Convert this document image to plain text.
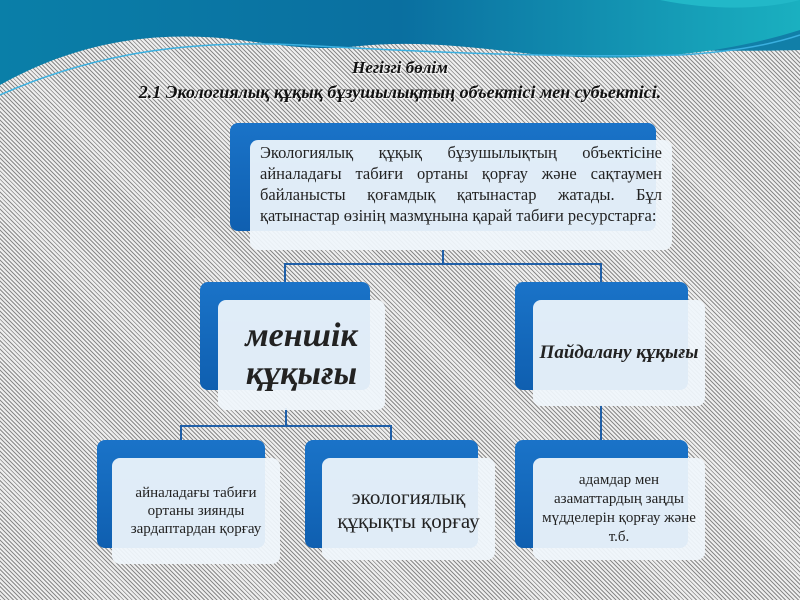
Негізгі бөлім
2.1 Экологиялық құқық бұзушылықтың объектісі мен субьектісі.
Экологиялық құқық бұзушылықтың объектісіне айналадағы табиғи ортаны қорғау және сақтаумен байланысты қоғамдық қатынастар жатады. Бұл қатынастар өзінің мазмұнына қарай табиғи ресурстарға:
меншік құқығы
Пайдалану құқығы
айналадағы табиғи ортаны зиянды зардаптардан қорғау
экологиялық құқықты қорғау
адамдар мен азаматтардың заңды мүдделерін қорғау және т.б.
